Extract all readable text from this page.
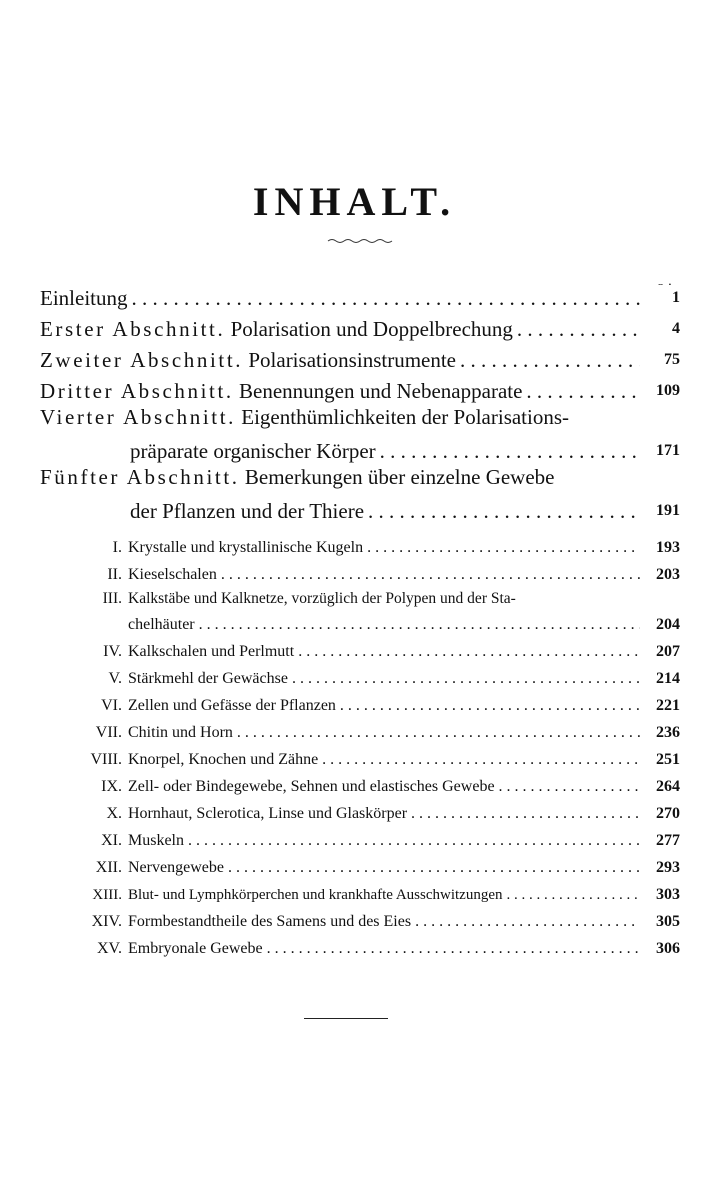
INHALT.
Einleitung . . .	1
Erster Abschnitt. Polarisation und Doppelbrechung . . .	4
Zweiter Abschnitt. Polarisationsinstrumente . . .	75
Dritter Abschnitt. Benennungen und Nebenapparate . . .	109
Vierter Abschnitt. Eigenthümlichkeiten der Polarisations-
präparate organischer Körper . . .	171
Fünfter Abschnitt. Bemerkungen über einzelne Gewebe
der Pflanzen und der Thiere . . .	191
I. Krystalle und krystallinische Kugeln . . .	193
II. Kieselschalen . . .	203
III. Kalkstäbe und Kalknetze, vorzüglich der Polypen und der Sta-
chelhäuter . . .	204
IV. Kalkschalen und Perlmutt . . .	207
V. Stärkmehl der Gewächse . . .	214
VI. Zellen und Gefässe der Pflanzen . . .	221
VII. Chitin und Horn . . .	236
VIII. Knorpel, Knochen und Zähne . . .	251
IX. Zell- oder Bindegewebe, Sehnen und elastisches Gewebe . . .	264
X. Hornhaut, Sclerotica, Linse und Glaskörper . . .	270
XI. Muskeln . . .	277
XII. Nervengewebe . . .	293
XIII. Blut- und Lymphkörperchen und krankhafte Ausschwitzungen . . .	303
XIV. Formbestandtheile des Samens und des Eies . . .	305
XV. Embryonale Gewebe . . .	306
